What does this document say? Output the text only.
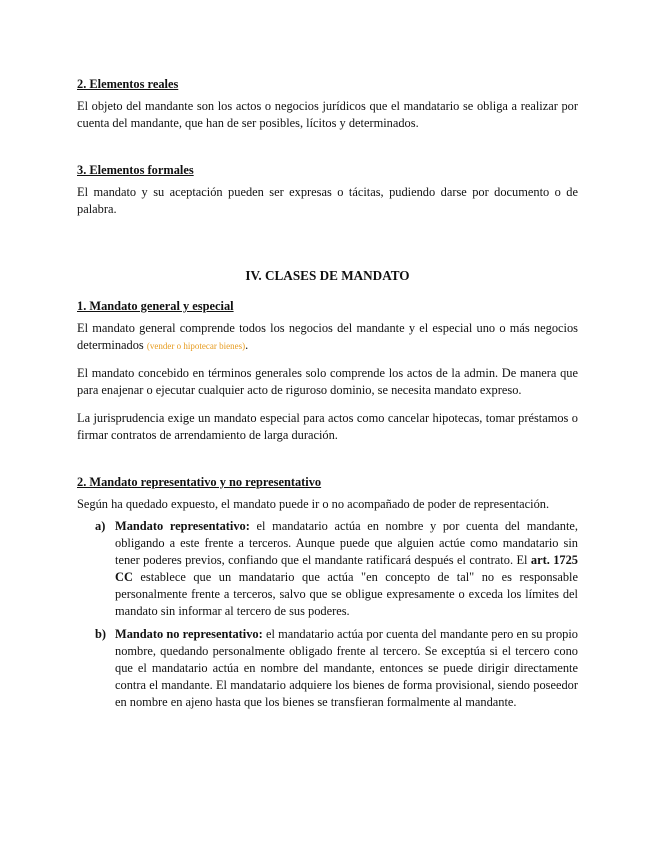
2. Elementos reales
El objeto del mandante son los actos o negocios jurídicos que el mandatario se obliga a realizar por cuenta del mandante, que han de ser posibles, lícitos y determinados.
3. Elementos formales
El mandato y su aceptación pueden ser expresas o tácitas, pudiendo darse por documento o de palabra.
IV. CLASES DE MANDATO
1. Mandato general y especial
El mandato general comprende todos los negocios del mandante y el especial uno o más negocios determinados (vender o hipotecar bienes).
El mandato concebido en términos generales solo comprende los actos de la admin. De manera que para enajenar o ejecutar cualquier acto de riguroso dominio, se necesita mandato expreso.
La jurisprudencia exige un mandato especial para actos como cancelar hipotecas, tomar préstamos o firmar contratos de arrendamiento de larga duración.
2. Mandato representativo y no representativo
Según ha quedado expuesto, el mandato puede ir o no acompañado de poder de representación.
a) Mandato representativo: el mandatario actúa en nombre y por cuenta del mandante, obligando a este frente a terceros. Aunque puede que alguien actúe como mandatario sin tener poderes previos, confiando que el mandante ratificará después el contrato. El art. 1725 CC establece que un mandatario que actúa "en concepto de tal" no es responsable personalmente frente a terceros, salvo que se obligue expresamente o exceda los límites del mandato sin informar al tercero de sus poderes.
b) Mandato no representativo: el mandatario actúa por cuenta del mandante pero en su propio nombre, quedando personalmente obligado frente al tercero. Se exceptúa si el tercero cono que el mandatario actúa en nombre del mandante, entonces se puede dirigir directamente contra el mandante. El mandatario adquiere los bienes de forma provisional, siendo poseedor en nombre en ajeno hasta que los bienes se transfieran formalmente al mandante.
